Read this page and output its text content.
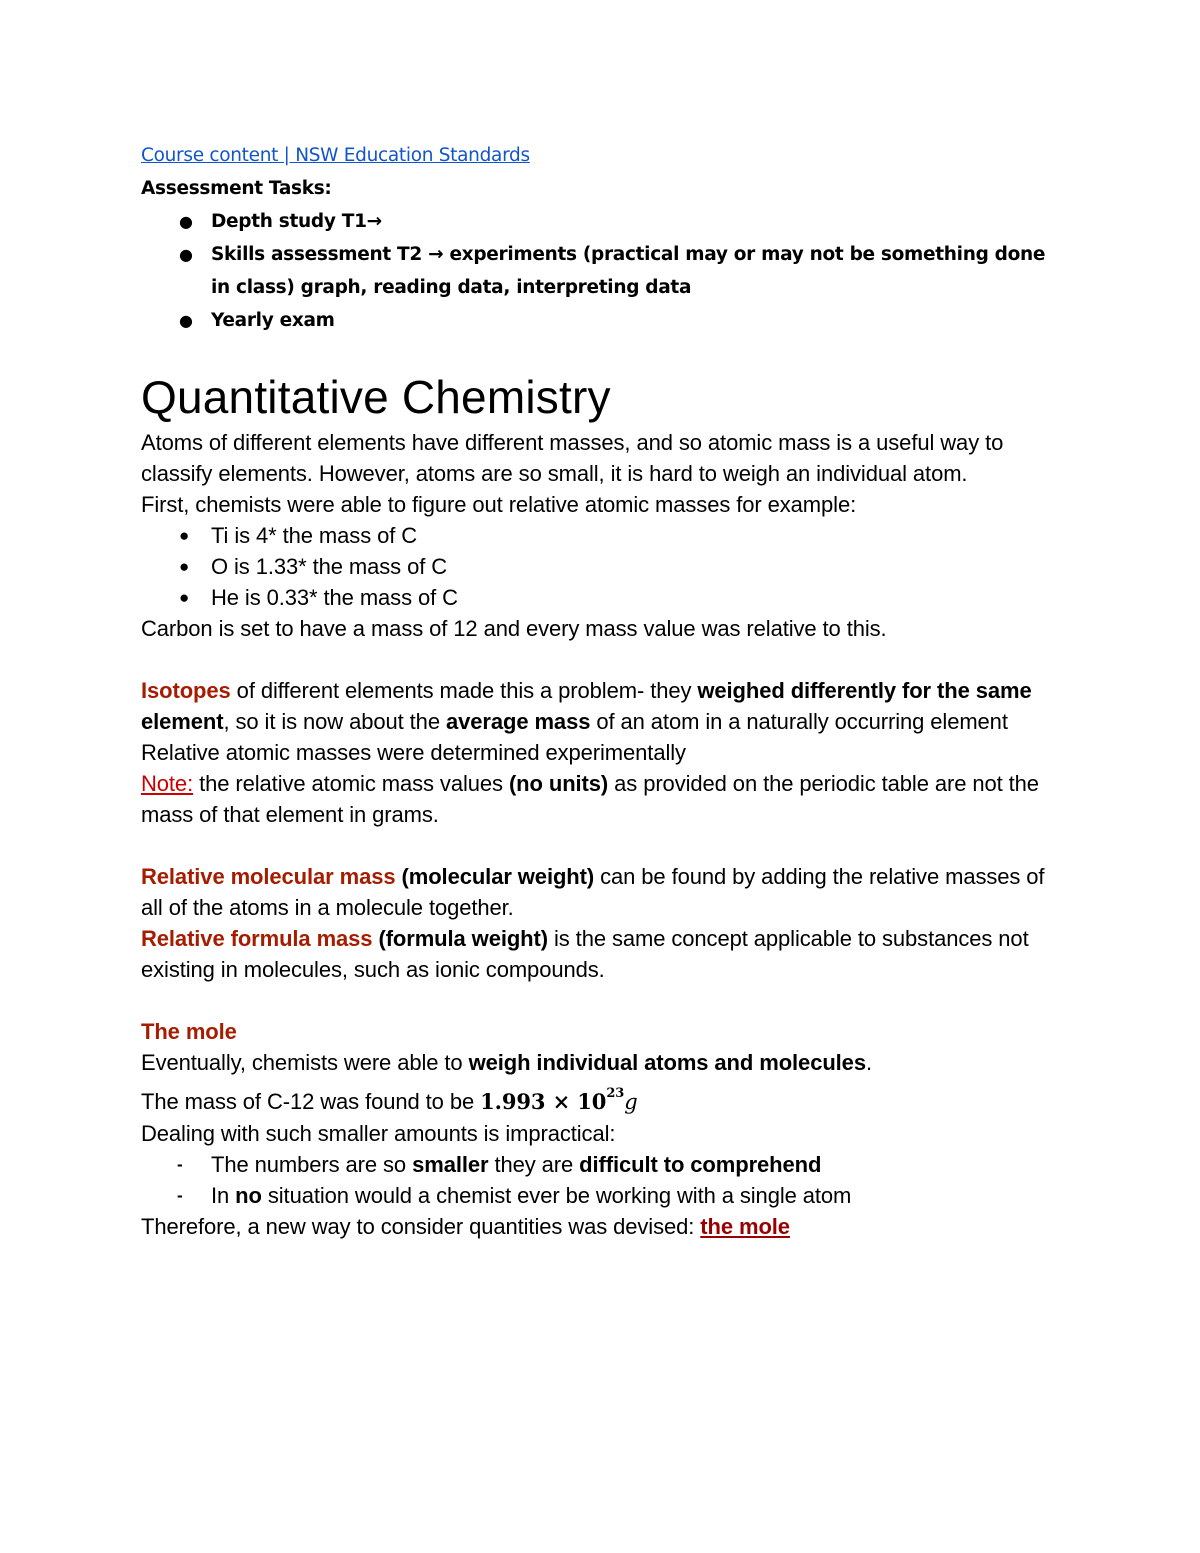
Course content | NSW Education Standards
Assessment Tasks:
● Depth study T1→
● Skills assessment T2 → experiments (practical may or may not be something done in class) graph, reading data, interpreting data
● Yearly exam
Quantitative Chemistry

Atoms of different elements have different masses, and so atomic mass is a useful way to classify elements. However, atoms are so small, it is hard to weigh an individual atom.

First, chemists were able to figure out relative atomic masses for example:

● Ti is 4* the mass of C
● O is 1.33* the mass of C
● He is 0.33* the mass of C

Carbon is set to have a mass of 12 and every mass value was relative to this.

Isotopes of different elements made this a problem- they weighed differently for the same element, so it is now about the average mass of an atom in a naturally occurring element

Relative atomic masses were determined experimentally

Note: the relative atomic mass values (no units) as provided on the periodic table are not the mass of that element in grams.

Relative molecular mass (molecular weight) can be found by adding the relative masses of all of the atoms in a molecule together.

Relative formula mass (formula weight) is the same concept applicable to substances not existing in molecules, such as ionic compounds.

The mole

Eventually, chemists were able to weigh individual atoms and molecules.

The mass of C-12 was found to be $1.993 \times 10^{23}g$

Dealing with such smaller amounts is impractical:

- The numbers are so smaller they are difficult to comprehend
- In no situation would a chemist ever be working with a single atom

Therefore, a new way to consider quantities was devised: the mole
